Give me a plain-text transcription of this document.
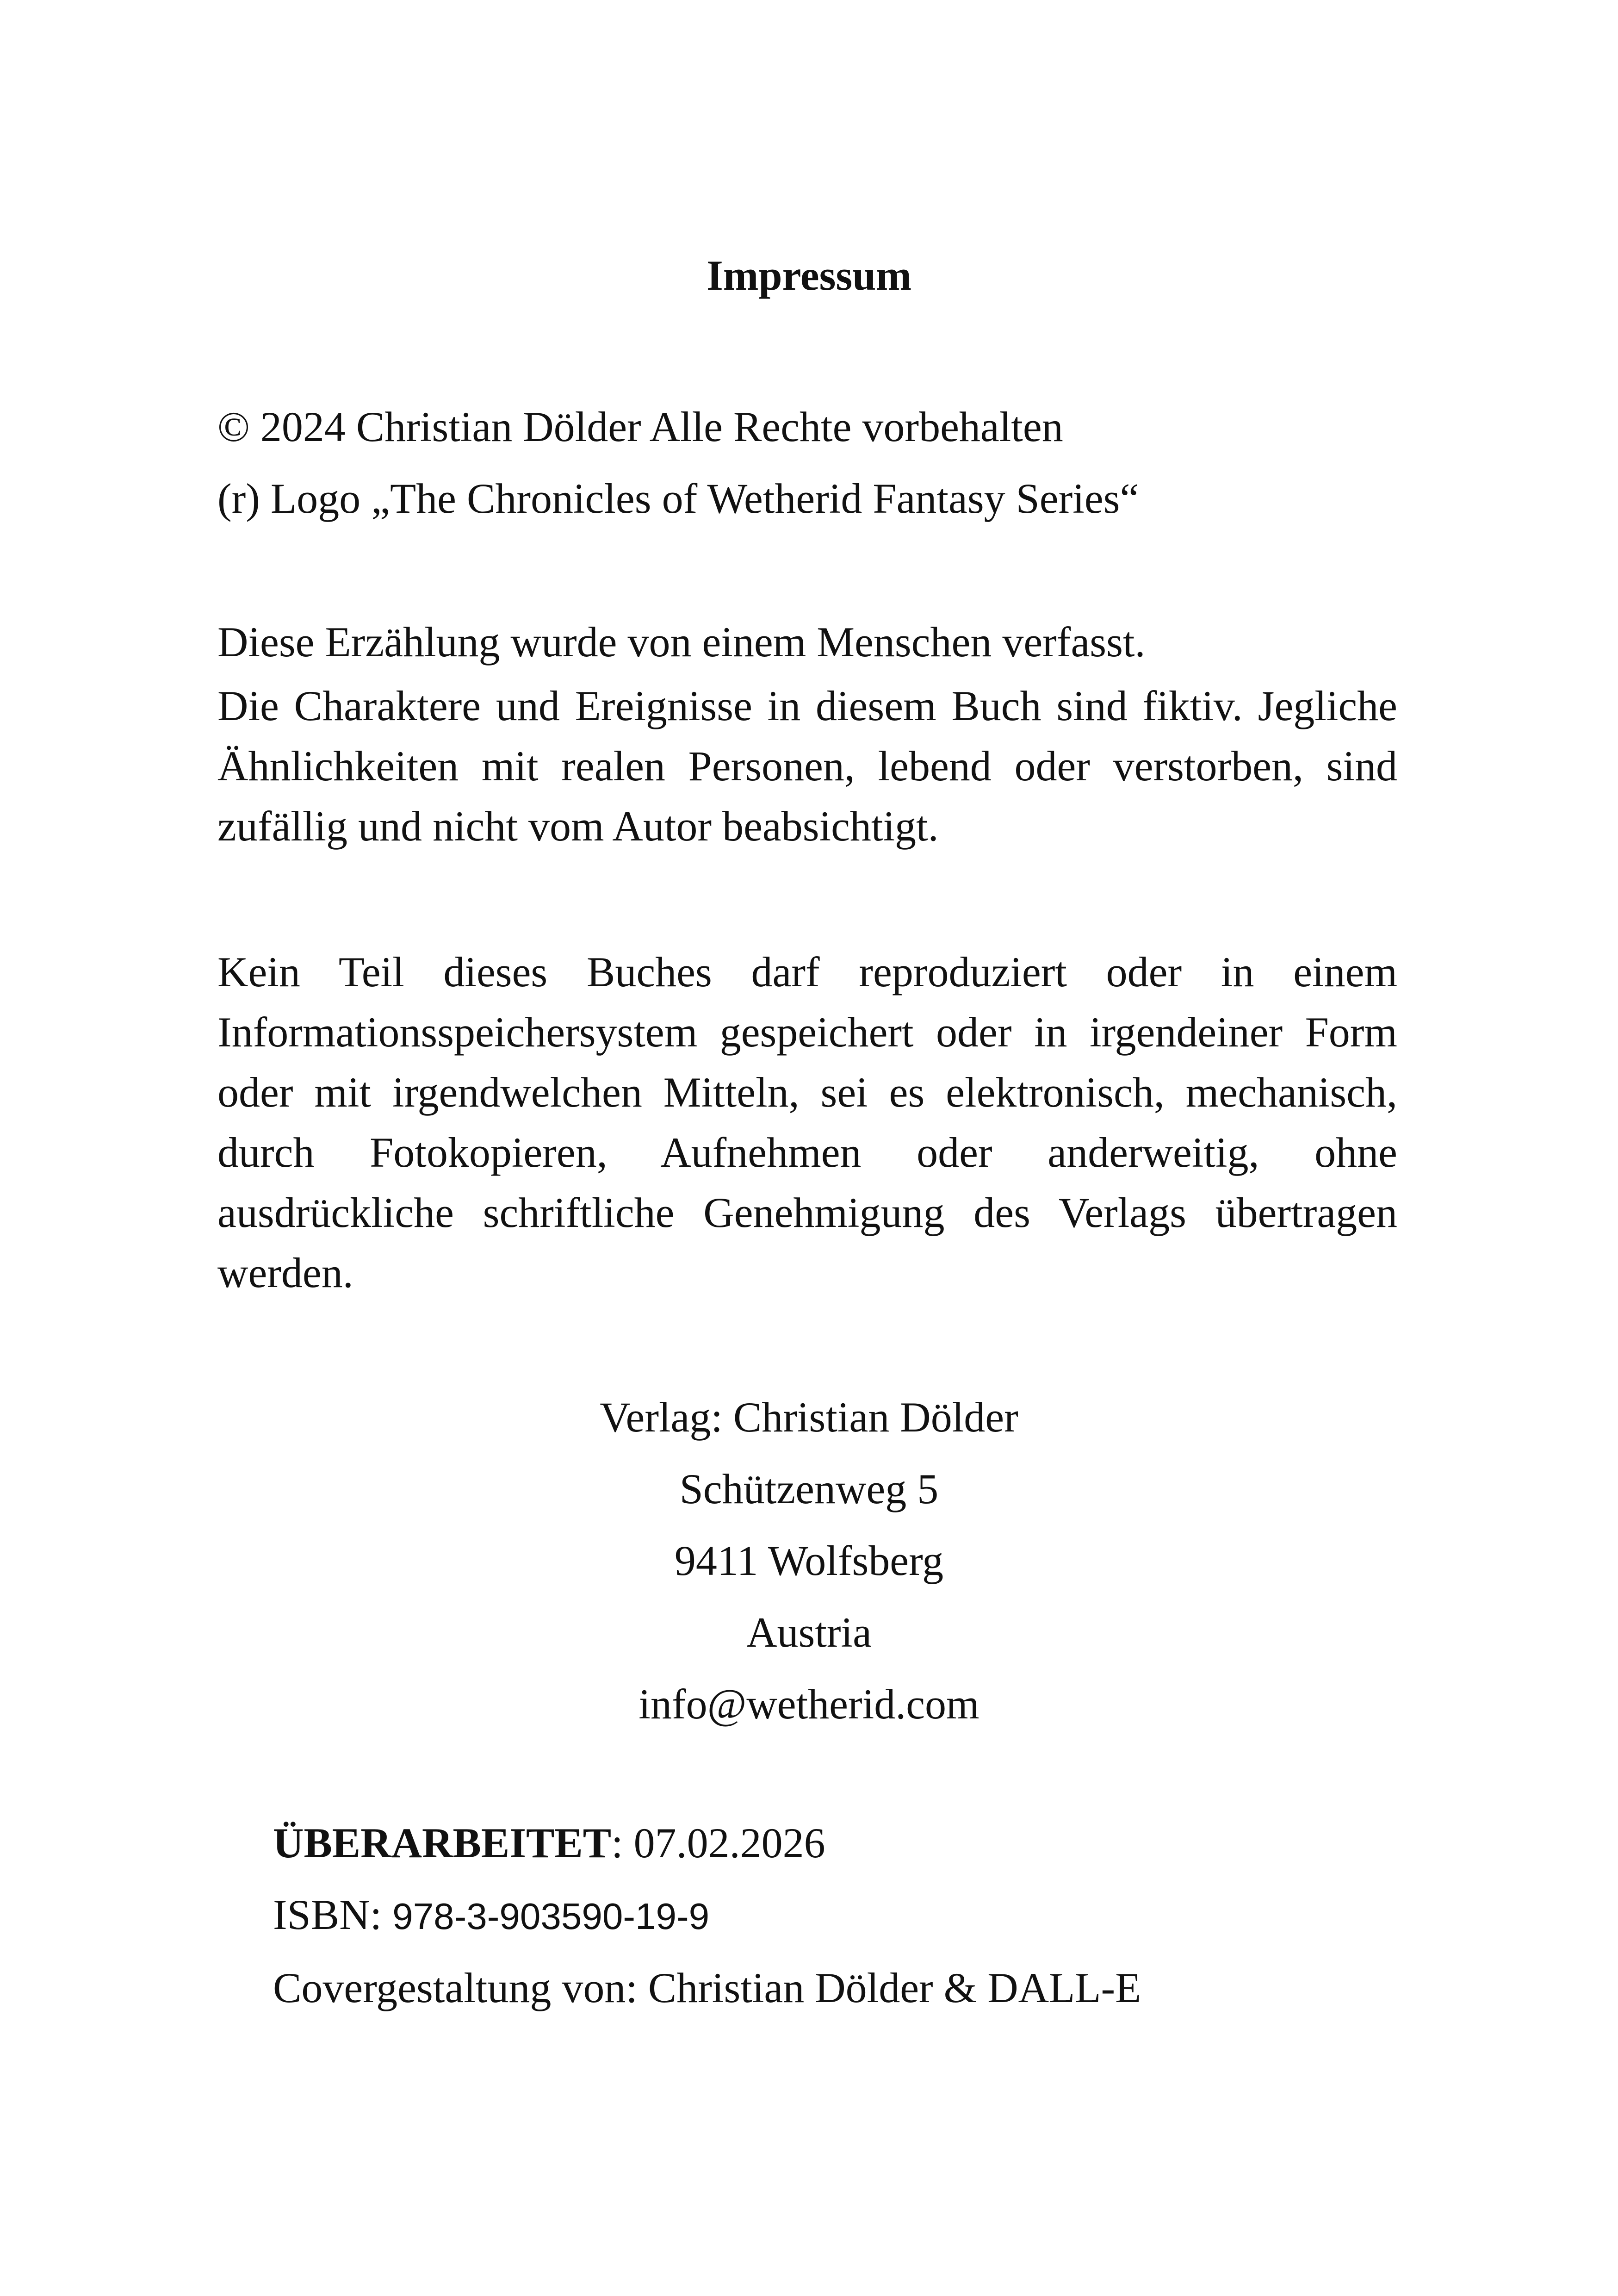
Impressum

© 2024 Christian Dölder Alle Rechte vorbehalten

(r) Logo „The Chronicles of Wetherid Fantasy Series“

Diese Erzählung wurde von einem Menschen verfasst.

Die Charaktere und Ereignisse in diesem Buch sind fiktiv. Jegliche
Ähnlichkeiten mit realen Personen, lebend oder verstorben, sind
zufällig und nicht vom Autor beabsichtigt.
Kein Teil dieses Buches darf reproduziert oder in einem
Informationsspeichersystem gespeichert oder in irgendeiner Form
oder mit irgendwelchen Mitteln, sei es elektronisch, mechanisch,
durch Fotokopieren, Aufnehmen oder anderweitig, ohne
ausdrückliche schriftliche Genehmigung des Verlags übertragen
werden.
Verlag: Christian Dölder
Schützenweg 5
9411 Wolfsberg
Austria
info@wetherid.com
ÜBERARBEITET: 07.02.2026
ISBN: 978-3-903590-19-9
Covergestaltung von: Christian Dölder & DALL-E
